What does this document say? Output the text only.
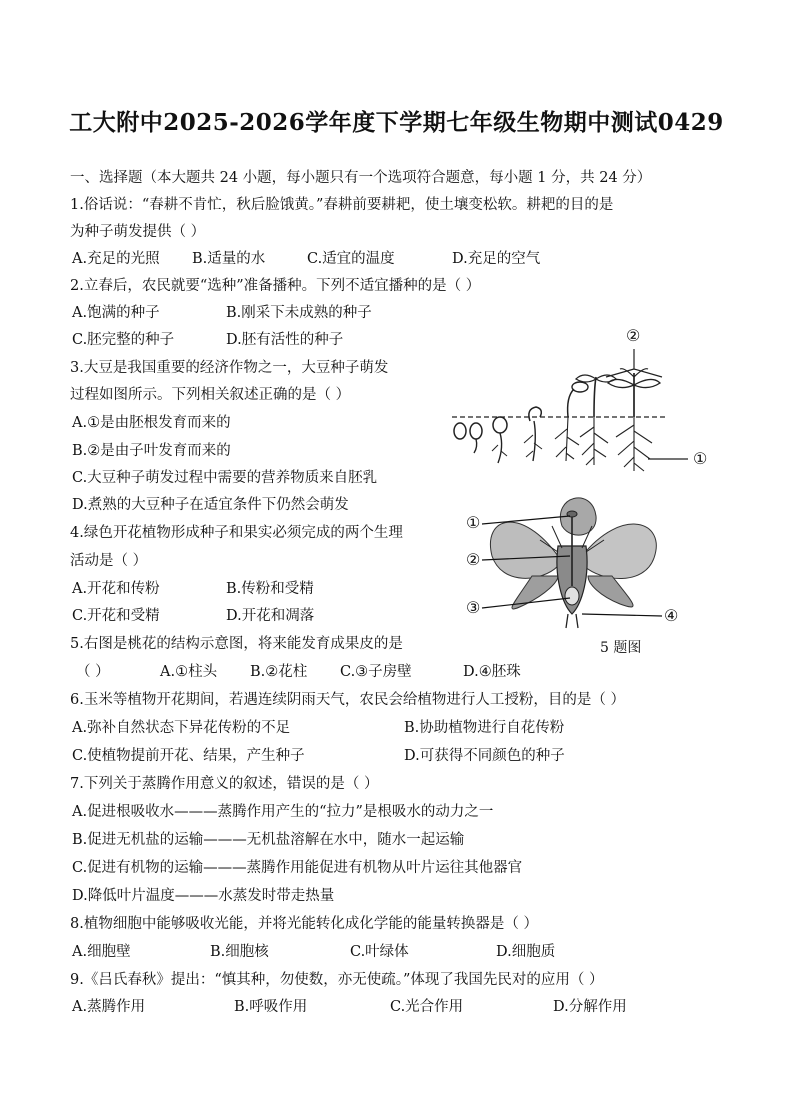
工大附中2025-2026学年度下学期七年级生物期中测试0429
一、选择题（本大题共 24 小题，每小题只有一个选项符合题意，每小题 1 分，共 24 分）
1.俗话说：“春耕不肯忙，秋后脸饿黄。”春耕前要耕耙，使土壤变松软。耕耙的目的是
为种子萌发提供（ ）
A.充足的光照 B.适量的水	C.适宜的温度	D.充足的空气
2.立春后，农民就要“选种”准备播种。下列不适宜播种的是（ ）
A.饱满的种子	B.刚采下未成熟的种子
C.胚完整的种子	D.胚有活性的种子
3.大豆是我国重要的经济作物之一，大豆种子萌发
过程如图所示。下列相关叙述正确的是（ ）
A.①是由胚根发育而来的
B.②是由子叶发育而来的
C.大豆种子萌发过程中需要的营养物质来自胚乳
D.煮熟的大豆种子在适宜条件下仍然会萌发
②
①
4.绿色开花植物形成种子和果实必须完成的两个生理
活动是（ ）
A.开花和传粉	B.传粉和受精
C.开花和受精	D.开花和凋落
①
②
③	④
5 题图
5.右图是桃花的结构示意图，将来能发育成果皮的是
（ ）	A.①柱头 B.②花柱 C.③子房壁	D.④胚珠
6.玉米等植物开花期间，若遇连续阴雨天气，农民会给植物进行人工授粉，目的是（ ）
A.弥补自然状态下异花传粉的不足	B.协助植物进行自花传粉
C.使植物提前开花、结果，产生种子	D.可获得不同颜色的种子
7.下列关于蒸腾作用意义的叙述，错误的是（ ）
A.促进根吸收水———蒸腾作用产生的“拉力”是根吸水的动力之一
B.促进无机盐的运输———无机盐溶解在水中，随水一起运输
C.促进有机物的运输———蒸腾作用能促进有机物从叶片运往其他器官
D.降低叶片温度———水蒸发时带走热量
8.植物细胞中能够吸收光能，并将光能转化成化学能的能量转换器是（ ）
A.细胞壁	B.细胞核	C.叶绿体	D.细胞质
9.《吕氏春秋》提出：“慎其种，勿使数，亦无使疏。”体现了我国先民对的应用（ ）
A.蒸腾作用	B.呼吸作用	C.光合作用	D.分解作用
